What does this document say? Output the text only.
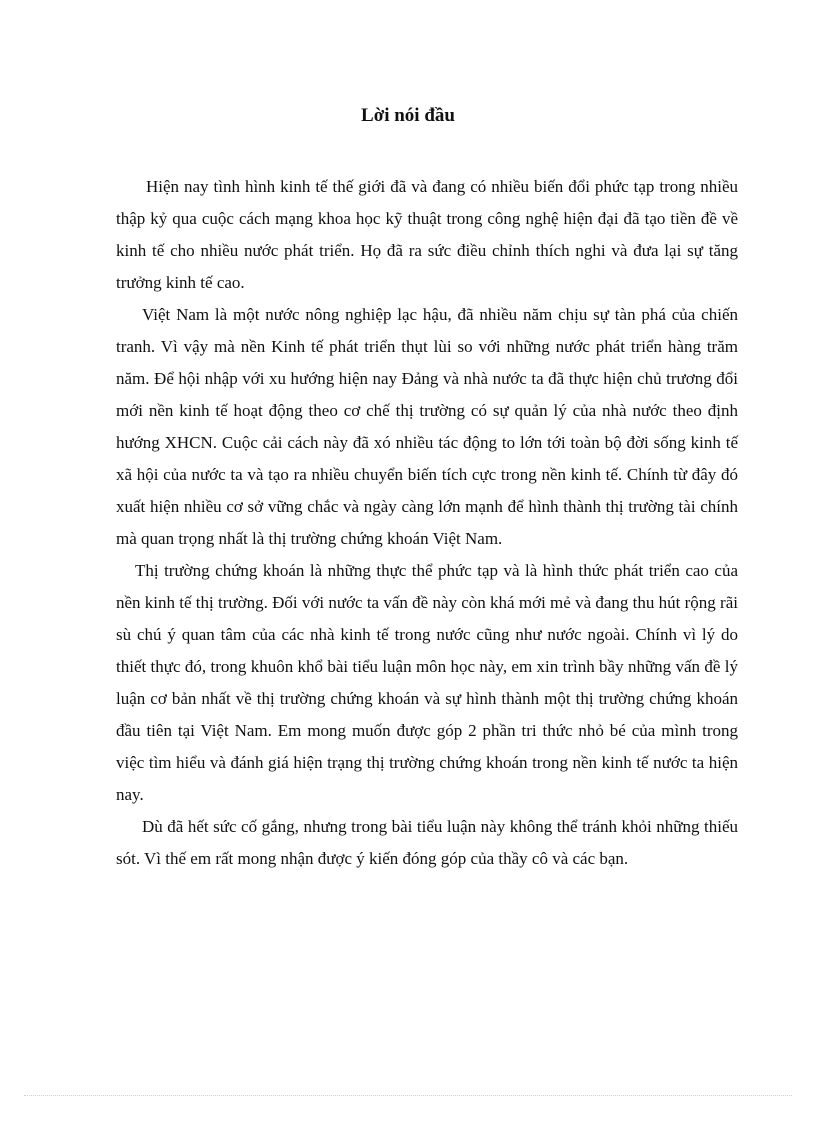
Lời nói đầu

Hiện nay tình hình kinh tế thế giới đã và đang có nhiều biến đổi phức tạp trong nhiều thập kỷ qua cuộc cách mạng khoa học kỹ thuật trong công nghệ hiện đại đã tạo tiền đề về kinh tế cho nhiều nước phát triển. Họ đã ra sức điều chỉnh thích nghi và đưa lại sự tăng trưởng kinh tế cao.

Việt Nam là một nước nông nghiệp lạc hậu, đã nhiều năm chịu sự tàn phá của chiến tranh. Vì vậy mà nền Kinh tế phát triển thụt lùi so với những nước phát triển hàng trăm năm. Để hội nhập với xu hướng hiện nay Đảng và nhà nước ta đã thực hiện chủ trương đổi mới nền kinh tế hoạt động theo cơ chế thị trường có sự quản lý của nhà nước theo định hướng XHCN. Cuộc cải cách này đã xó nhiều tác động to lớn tới toàn bộ đời sống kinh tế xã hội của nước ta và tạo ra nhiều chuyển biến tích cực trong nền kinh tế. Chính từ đây đó xuất hiện nhiều cơ sở vững chắc và ngày càng lớn mạnh để hình thành thị trường tài chính mà quan trọng nhất là thị trường chứng khoán Việt Nam.

Thị trường chứng khoán là những thực thể phức tạp và là hình thức phát triển cao của nền kinh tế thị trường. Đối với nước ta vấn đề này còn khá mới mẻ và đang thu hút rộng rãi sù chú ý quan tâm của các nhà kinh tế trong nước cũng như nước ngoài. Chính vì lý do thiết thực đó, trong khuôn khổ bài tiểu luận môn học này, em xin trình bầy những vấn đề lý luận cơ bản nhất về thị trường chứng khoán và sự hình thành một thị trường chứng khoán đầu tiên tại Việt Nam. Em mong muốn được góp 2 phần tri thức nhỏ bé của mình trong việc tìm hiểu và đánh giá hiện trạng thị trường chứng khoán trong nền kinh tế nước ta hiện nay.

Dù đã hết sức cố gắng, nhưng trong bài tiểu luận này không thể tránh khỏi những thiếu sót. Vì thế em rất mong nhận được ý kiến đóng góp của thầy cô và các bạn.
